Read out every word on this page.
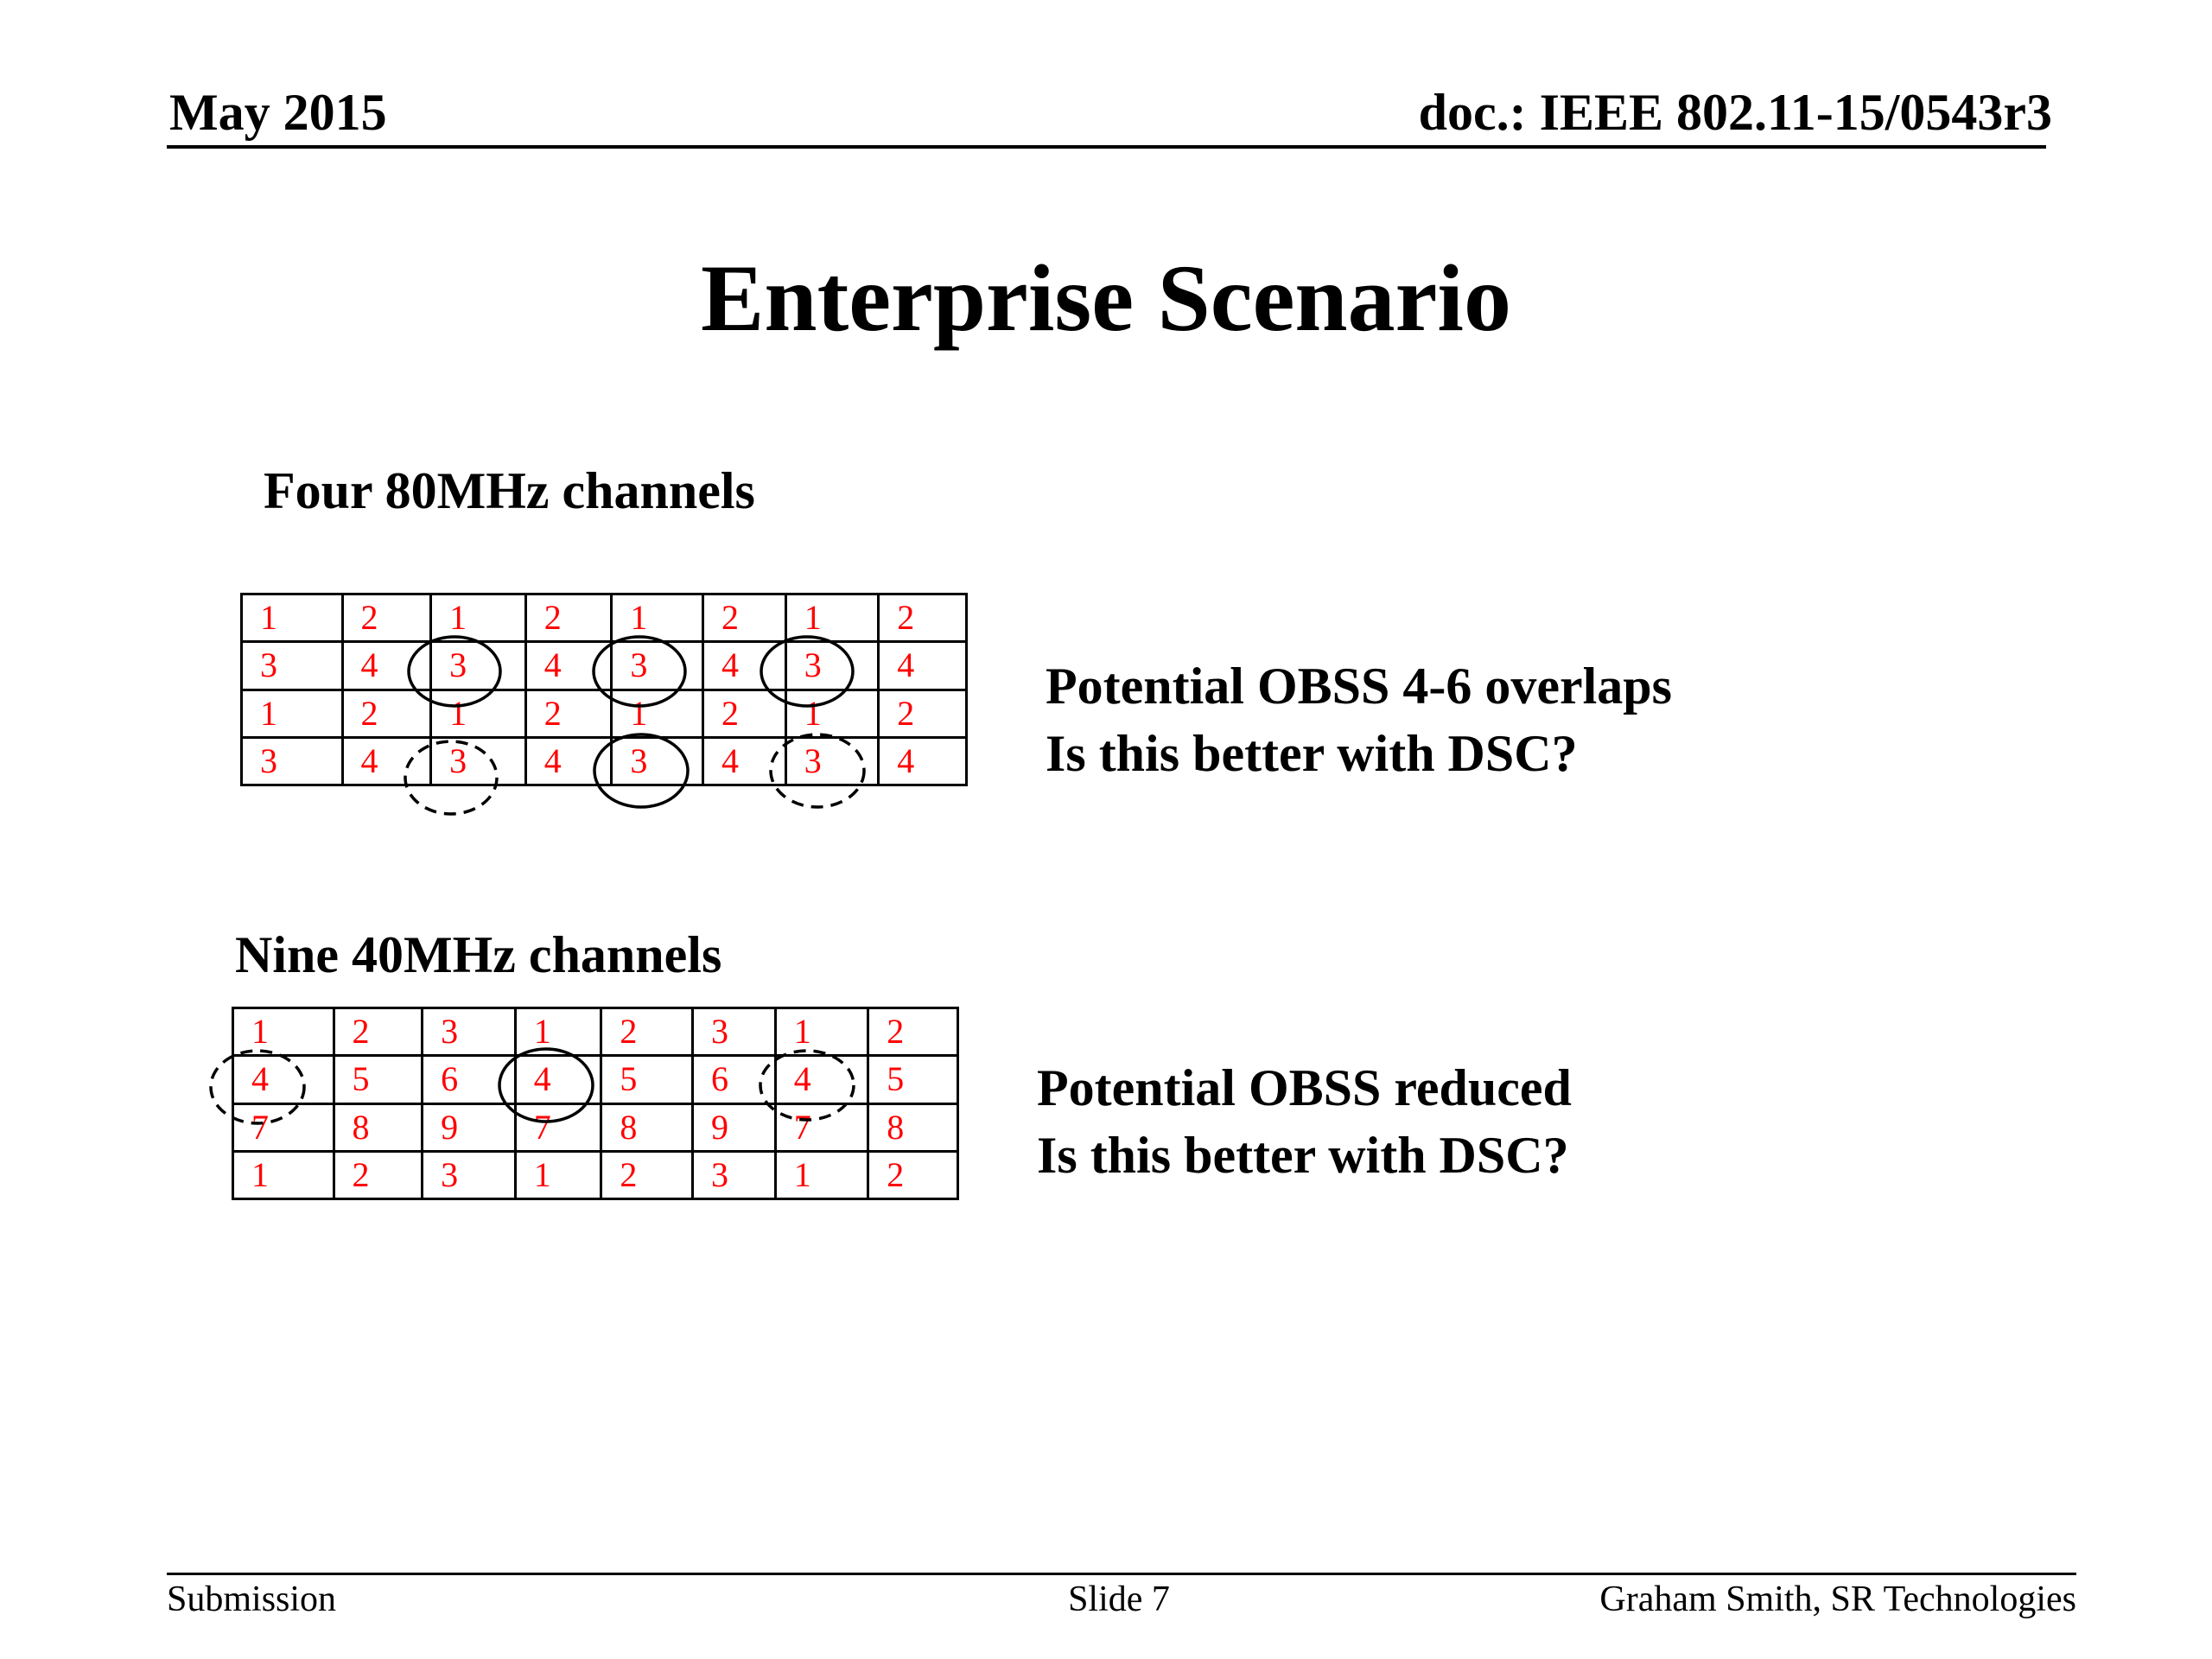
May 2015	doc.: IEEE 802.11-15/0543r3
Enterprise Scenario
Four 80MHz channels
1	2	1	2	1	2	1	2
3	4	3	4	3	4	3	4
1	2	1	2	1	2	1	2
3	4	3	4	3	4	3	4
Potential OBSS 4-6 overlaps
Is this better with DSC?
Nine 40MHz channels
1	2	3	1	2	3	1	2
4	5	6	4	5	6	4	5
7	8	9	7	8	9	7	8
1	2	3	1	2	3	1	2
Potential OBSS reduced
Is this better with DSC?
Submission	Slide 7	Graham Smith, SR Technologies
